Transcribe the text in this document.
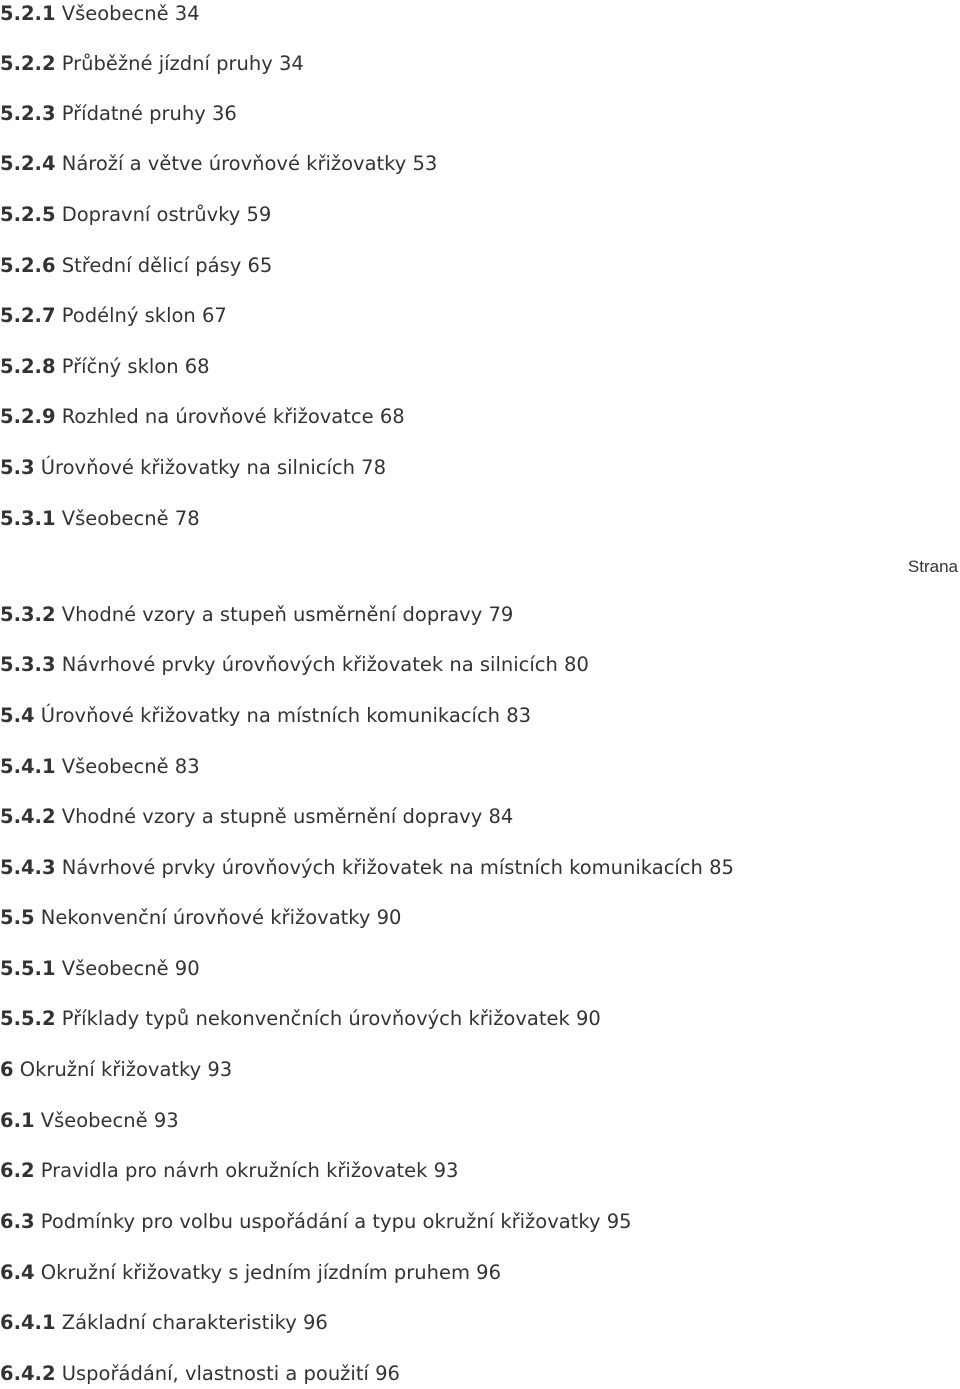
5.2.1 Všeobecně 34
5.2.2 Průběžné jízdní pruhy 34
5.2.3 Přídatné pruhy 36
5.2.4 Nároží a větve úrovňové křižovatky 53
5.2.5 Dopravní ostrůvky 59
5.2.6 Střední dělicí pásy 65
5.2.7 Podélný sklon 67
5.2.8 Příčný sklon 68
5.2.9 Rozhled na úrovňové křižovatce 68
5.3 Úrovňové křižovatky na silnicích 78
5.3.1 Všeobecně 78
5.3.2 Vhodné vzory a stupeň usměrnění dopravy 79
5.3.3 Návrhové prvky úrovňových křižovatek na silnicích 80
5.4 Úrovňové křižovatky na místních komunikacích 83
5.4.1 Všeobecně 83
5.4.2 Vhodné vzory a stupně usměrnění dopravy 84
5.4.3 Návrhové prvky úrovňových křižovatek na místních komunikacích 85
5.5 Nekonvenční úrovňové křižovatky 90
5.5.1 Všeobecně 90
5.5.2 Příklady typů nekonvenčních úrovňových křižovatek 90
6 Okružní křižovatky 93
6.1 Všeobecně 93
6.2 Pravidla pro návrh okružních křižovatek 93
6.3 Podmínky pro volbu uspořádání a typu okružní křižovatky 95
6.4 Okružní křižovatky s jedním jízdním pruhem 96
6.4.1 Základní charakteristiky 96
6.4.2 Uspořádání, vlastnosti a použití 96
Strana
